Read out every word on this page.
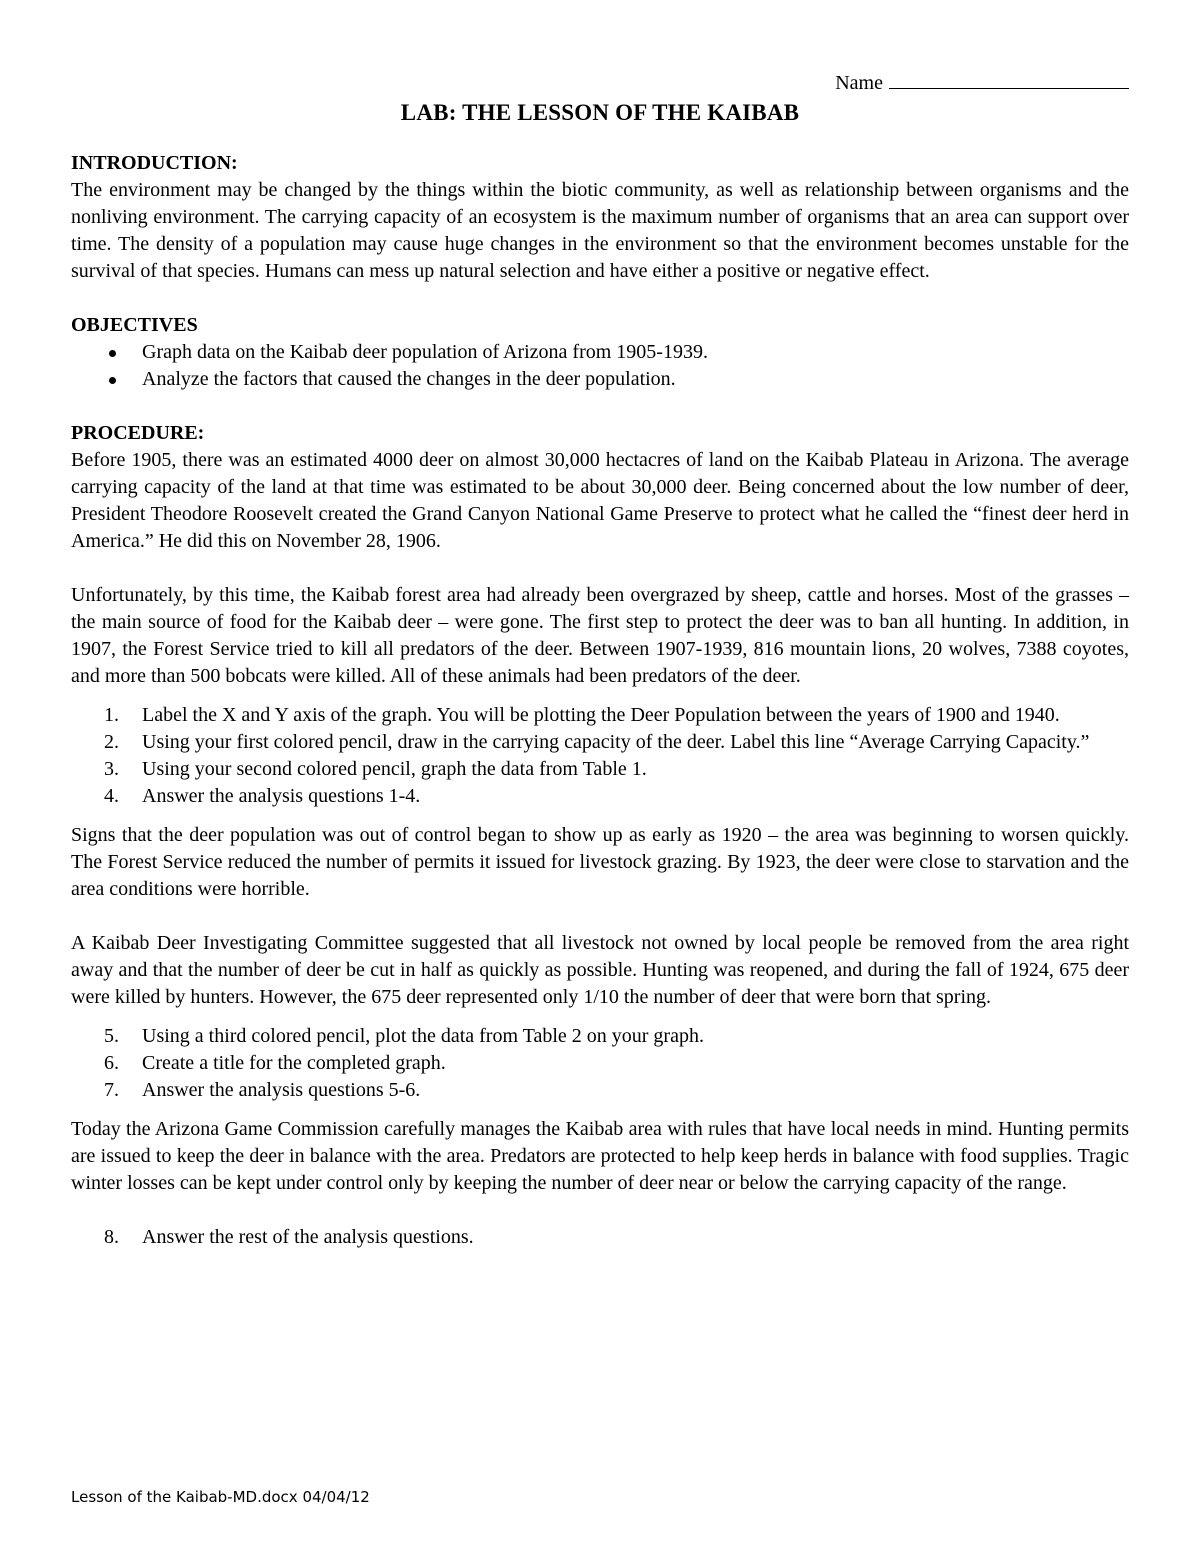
Name
LAB: THE LESSON OF THE KAIBAB
INTRODUCTION:

The environment may be changed by the things within the biotic community, as well as relationship between organisms and the nonliving environment. The carrying capacity of an ecosystem is the maximum number of organisms that an area can support over time. The density of a population may cause huge changes in the environment so that the environment becomes unstable for the survival of that species. Humans can mess up natural selection and have either a positive or negative effect.

OBJECTIVES
Graph data on the Kaibab deer population of Arizona from 1905-1939.
Analyze the factors that caused the changes in the deer population.
PROCEDURE:

Before 1905, there was an estimated 4000 deer on almost 30,000 hectacres of land on the Kaibab Plateau in Arizona. The average carrying capacity of the land at that time was estimated to be about 30,000 deer. Being concerned about the low number of deer, President Theodore Roosevelt created the Grand Canyon National Game Preserve to protect what he called the “finest deer herd in America.” He did this on November 28, 1906.

Unfortunately, by this time, the Kaibab forest area had already been overgrazed by sheep, cattle and horses. Most of the grasses – the main source of food for the Kaibab deer – were gone. The first step to protect the deer was to ban all hunting. In addition, in 1907, the Forest Service tried to kill all predators of the deer. Between 1907-1939, 816 mountain lions, 20 wolves, 7388 coyotes, and more than 500 bobcats were killed. All of these animals had been predators of the deer.

1. Label the X and Y axis of the graph. You will be plotting the Deer Population between the years of 1900 and 1940.
2. Using your first colored pencil, draw in the carrying capacity of the deer. Label this line “Average Carrying Capacity.”
3. Using your second colored pencil, graph the data from Table 1.
4. Answer the analysis questions 1-4.

Signs that the deer population was out of control began to show up as early as 1920 – the area was beginning to worsen quickly. The Forest Service reduced the number of permits it issued for livestock grazing. By 1923, the deer were close to starvation and the area conditions were horrible.

A Kaibab Deer Investigating Committee suggested that all livestock not owned by local people be removed from the area right away and that the number of deer be cut in half as quickly as possible. Hunting was reopened, and during the fall of 1924, 675 deer were killed by hunters. However, the 675 deer represented only 1/10 the number of deer that were born that spring.

5. Using a third colored pencil, plot the data from Table 2 on your graph.
6. Create a title for the completed graph.
7. Answer the analysis questions 5-6.

Today the Arizona Game Commission carefully manages the Kaibab area with rules that have local needs in mind. Hunting permits are issued to keep the deer in balance with the area. Predators are protected to help keep herds in balance with food supplies. Tragic winter losses can be kept under control only by keeping the number of deer near or below the carrying capacity of the range.

8. Answer the rest of the analysis questions.
Lesson of the Kaibab-MD.docx 04/04/12
